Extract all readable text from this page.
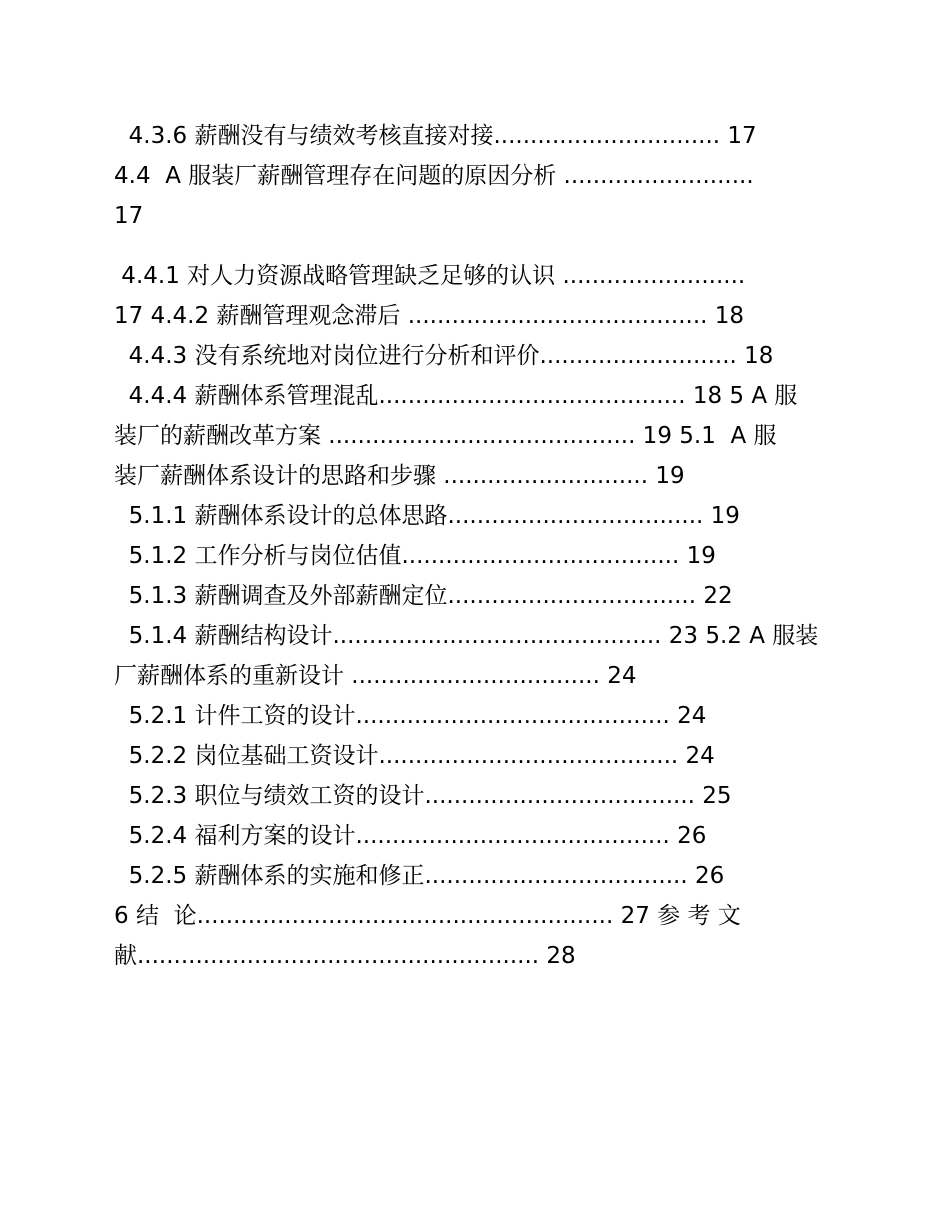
4.3.6 薪酬没有与绩效考核直接对接............................... 17
4.4  A 服装厂薪酬管理存在问题的原因分析 ..........................
17
4.4.1 对人力资源战略管理缺乏足够的认识 .........................
17 4.4.2 薪酬管理观念滞后 ......................................... 18
4.4.3 没有系统地对岗位进行分析和评价........................... 18
4.4.4 薪酬体系管理混乱.......................................... 18 5 A 服
装厂的薪酬改革方案 .......................................... 19 5.1  A 服
装厂薪酬体系设计的思路和步骤 ............................ 19
5.1.1 薪酬体系设计的总体思路................................... 19
5.1.2 工作分析与岗位估值...................................... 19
5.1.3 薪酬调查及外部薪酬定位.................................. 22
5.1.4 薪酬结构设计............................................. 23 5.2 A 服装
厂薪酬体系的重新设计 .................................. 24
5.2.1 计件工资的设计........................................... 24
5.2.2 岗位基础工资设计......................................... 24
5.2.3 职位与绩效工资的设计..................................... 25
5.2.4 福利方案的设计........................................... 26
5.2.5 薪酬体系的实施和修正.................................... 26
6 结  论......................................................... 27 参 考 文
献....................................................... 28
